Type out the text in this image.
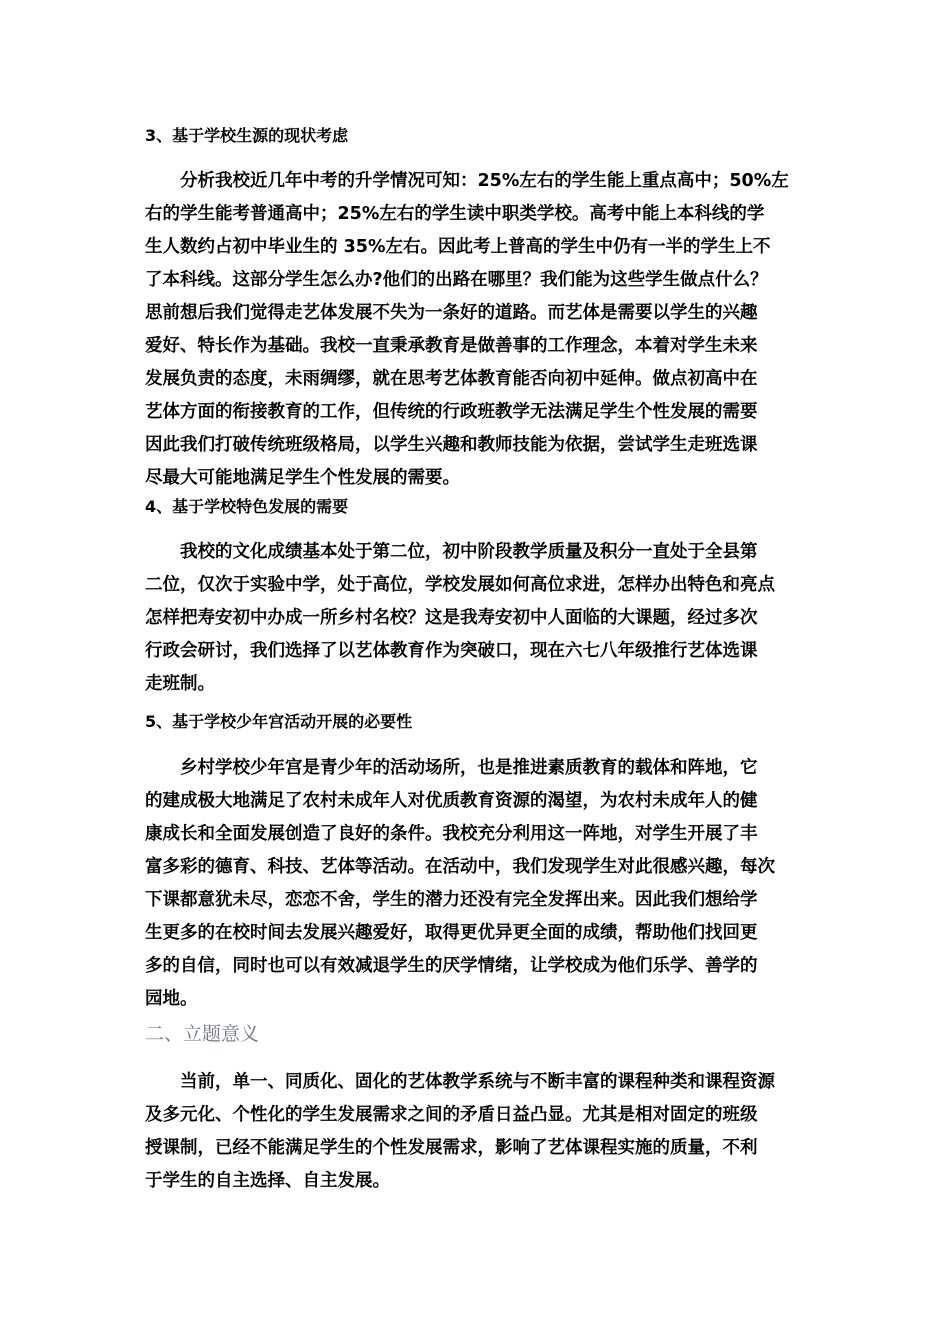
3、基于学校生源的现状考虑
分析我校近几年中考的升学情况可知：25%左右的学生能上重点高中；50%左
右的学生能考普通高中；25%左右的学生读中职类学校。高考中能上本科线的学
生人数约占初中毕业生的 35%左右。因此考上普高的学生中仍有一半的学生上不
了本科线。这部分学生怎么办?他们的出路在哪里？我们能为这些学生做点什么？
思前想后我们觉得走艺体发展不失为一条好的道路。而艺体是需要以学生的兴趣
爱好、特长作为基础。我校一直秉承教育是做善事的工作理念，本着对学生未来
发展负责的态度，未雨绸缪，就在思考艺体教育能否向初中延伸。做点初高中在
艺体方面的衔接教育的工作，但传统的行政班教学无法满足学生个性发展的需要
因此我们打破传统班级格局，以学生兴趣和教师技能为依据，尝试学生走班选课
尽最大可能地满足学生个性发展的需要。
4、基于学校特色发展的需要
我校的文化成绩基本处于第二位，初中阶段教学质量及积分一直处于全县第
二位，仅次于实验中学，处于高位，学校发展如何高位求进，怎样办出特色和亮点
怎样把寿安初中办成一所乡村名校？这是我寿安初中人面临的大课题，经过多次
行政会研讨，我们选择了以艺体教育作为突破口，现在六七八年级推行艺体选课
走班制。
5、基于学校少年宫活动开展的必要性
乡村学校少年宫是青少年的活动场所，也是推进素质教育的载体和阵地，它
的建成极大地满足了农村未成年人对优质教育资源的渴望，为农村未成年人的健
康成长和全面发展创造了良好的条件。我校充分利用这一阵地，对学生开展了丰
富多彩的德育、科技、艺体等活动。在活动中，我们发现学生对此很感兴趣，每次
下课都意犹未尽，恋恋不舍，学生的潜力还没有完全发挥出来。因此我们想给学
生更多的在校时间去发展兴趣爱好，取得更优异更全面的成绩，帮助他们找回更
多的自信，同时也可以有效减退学生的厌学情绪，让学校成为他们乐学、善学的
园地。
二、立题意义
当前，单一、同质化、固化的艺体教学系统与不断丰富的课程种类和课程资源
及多元化、个性化的学生发展需求之间的矛盾日益凸显。尤其是相对固定的班级
授课制，已经不能满足学生的个性发展需求，影响了艺体课程实施的质量，不利
于学生的自主选择、自主发展。
